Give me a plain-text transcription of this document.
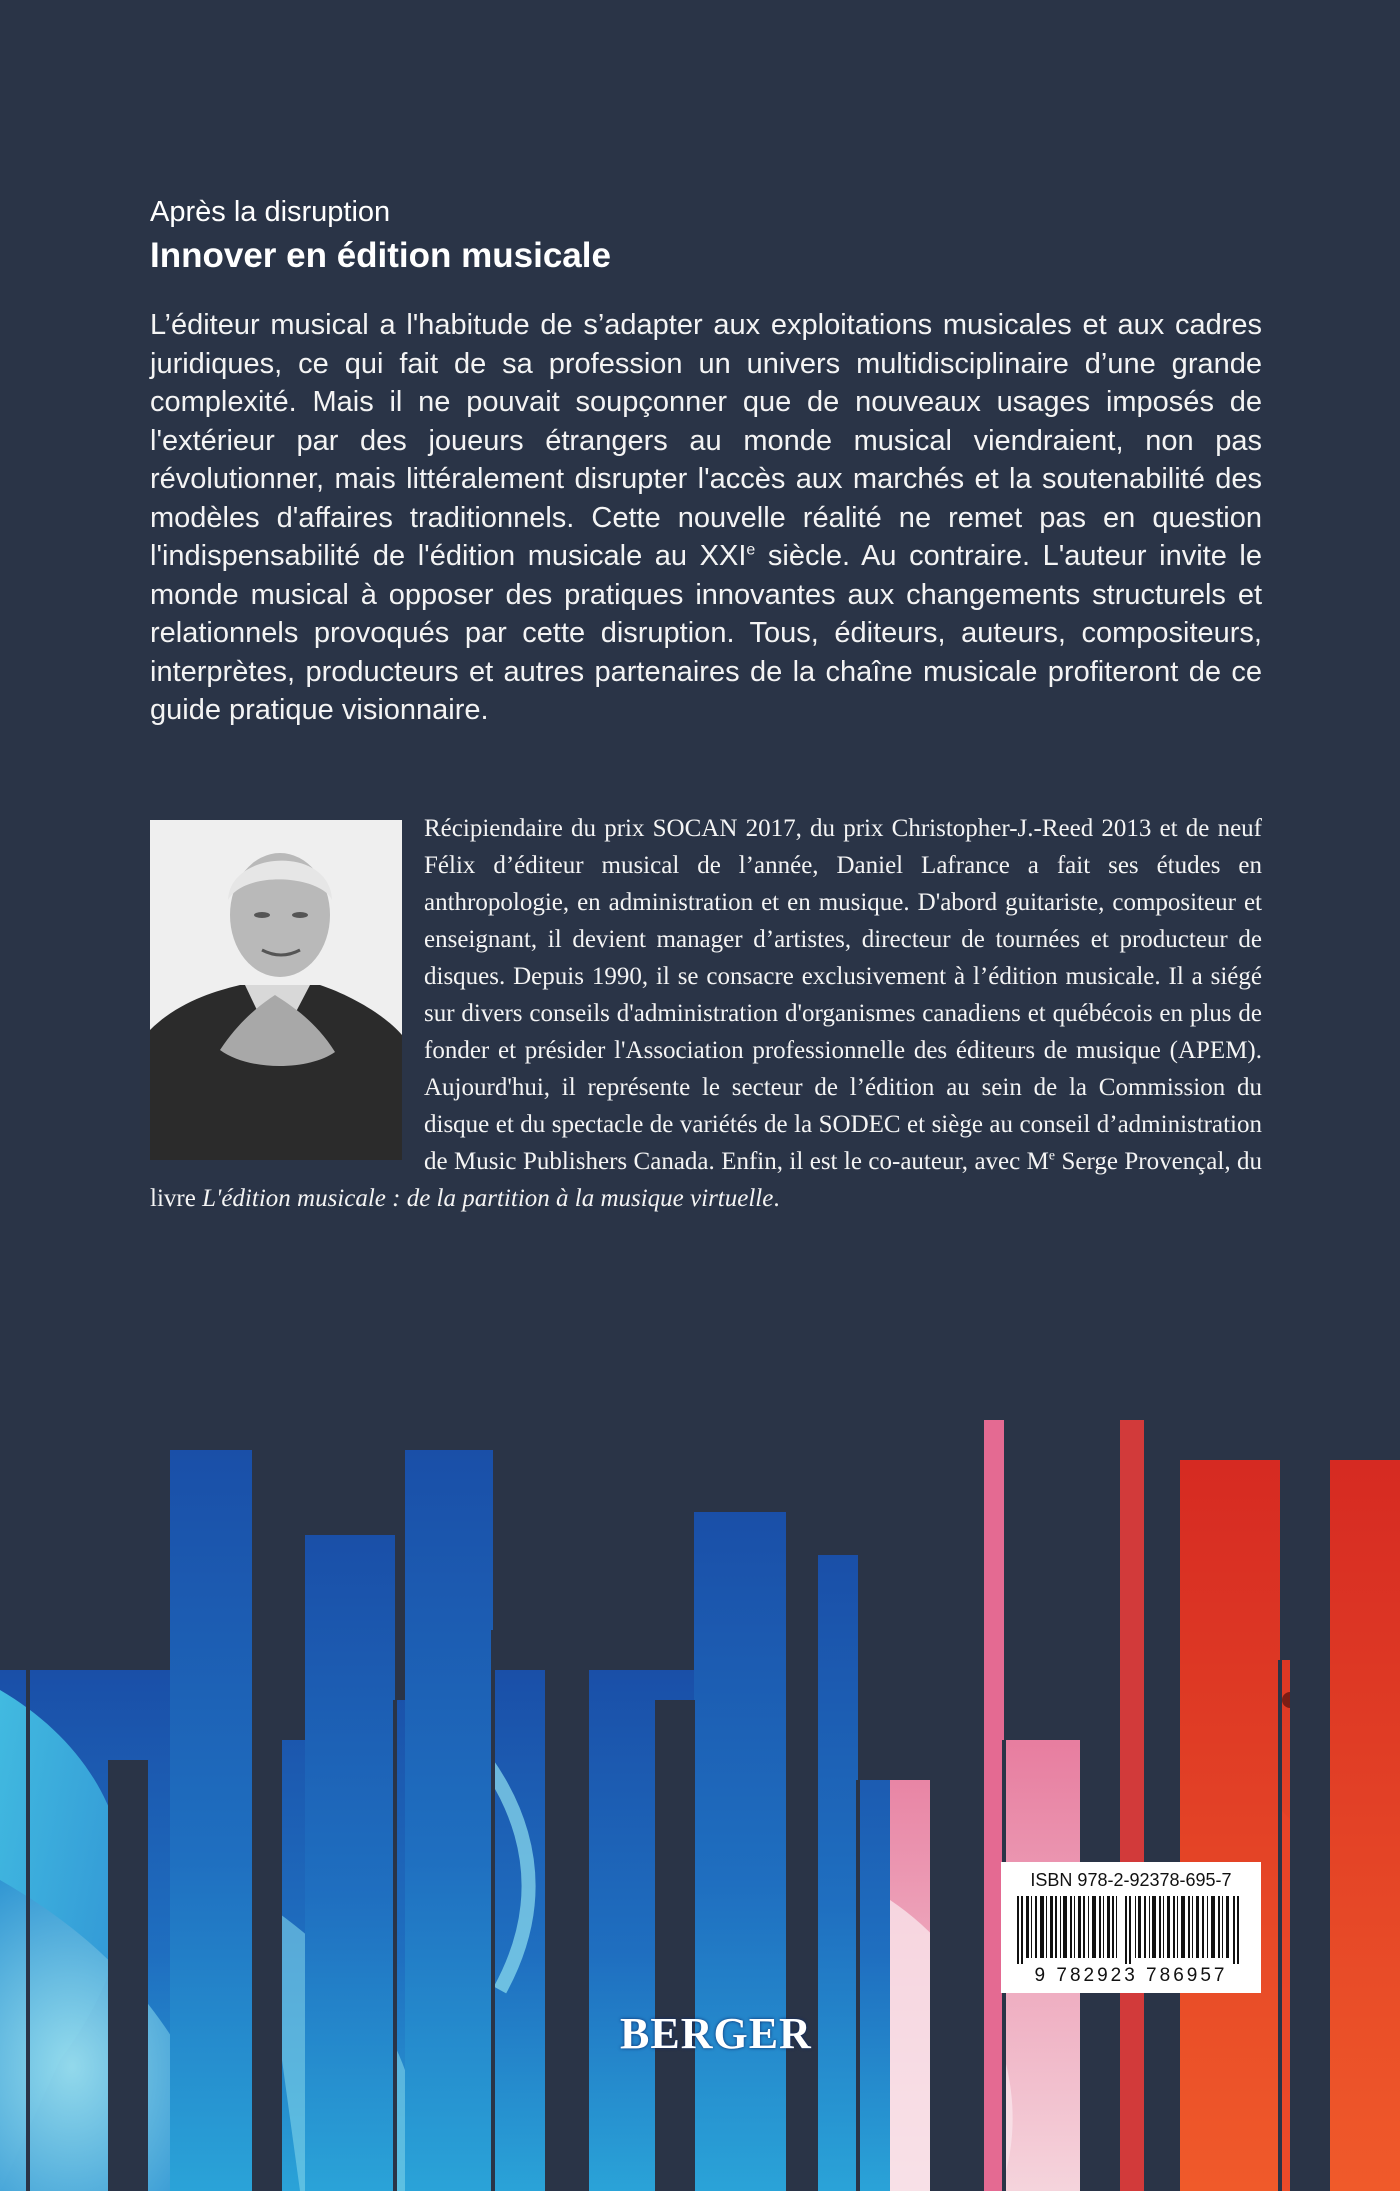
Après la disruption

Innover en édition musicale

L’éditeur musical a l'habitude de s’adapter aux exploitations musicales et aux cadres juridiques, ce qui fait de sa profession un univers multidisciplinaire d’une grande complexité. Mais il ne pouvait soupçonner que de nouveaux usages imposés de l'extérieur par des joueurs étrangers au monde musical viendraient, non pas révolutionner, mais littéralement disrupter l'accès aux marchés et la soutenabilité des modèles d'affaires traditionnels. Cette nouvelle réalité ne remet pas en question l'indispensabilité de l'édition musicale au XXIe siècle. Au contraire. L'auteur invite le monde musical à opposer des pratiques innovantes aux changements structurels et relationnels provoqués par cette disruption. Tous, éditeurs, auteurs, compositeurs, interprètes, producteurs et autres partenaires de la chaîne musicale profiteront de ce guide pratique visionnaire.

Récipiendaire du prix SOCAN 2017, du prix Christopher-J.-Reed 2013 et de neuf Félix d’éditeur musical de l’année, Daniel Lafrance a fait ses études en anthropologie, en administration et en musique. D'abord guitariste, compositeur et enseignant, il devient manager d’artistes, directeur de tournées et producteur de disques. Depuis 1990, il se consacre exclusivement à l’édition musicale. Il a siégé sur divers conseils d'administration d'organismes canadiens et québécois en plus de fonder et présider l'Association professionnelle des éditeurs de musique (APEM). Aujourd'hui, il représente le secteur de l’édition au sein de la Commission du disque et du spectacle de variétés de la SODEC et siège au conseil d’administration de Music Publishers Canada. Enfin, il est le co-auteur, avec Me Serge Provençal, du livre L'édition musicale : de la partition à la musique virtuelle.
BERGER
ISBN 978-2-92378-695-7
9 782923 786957
